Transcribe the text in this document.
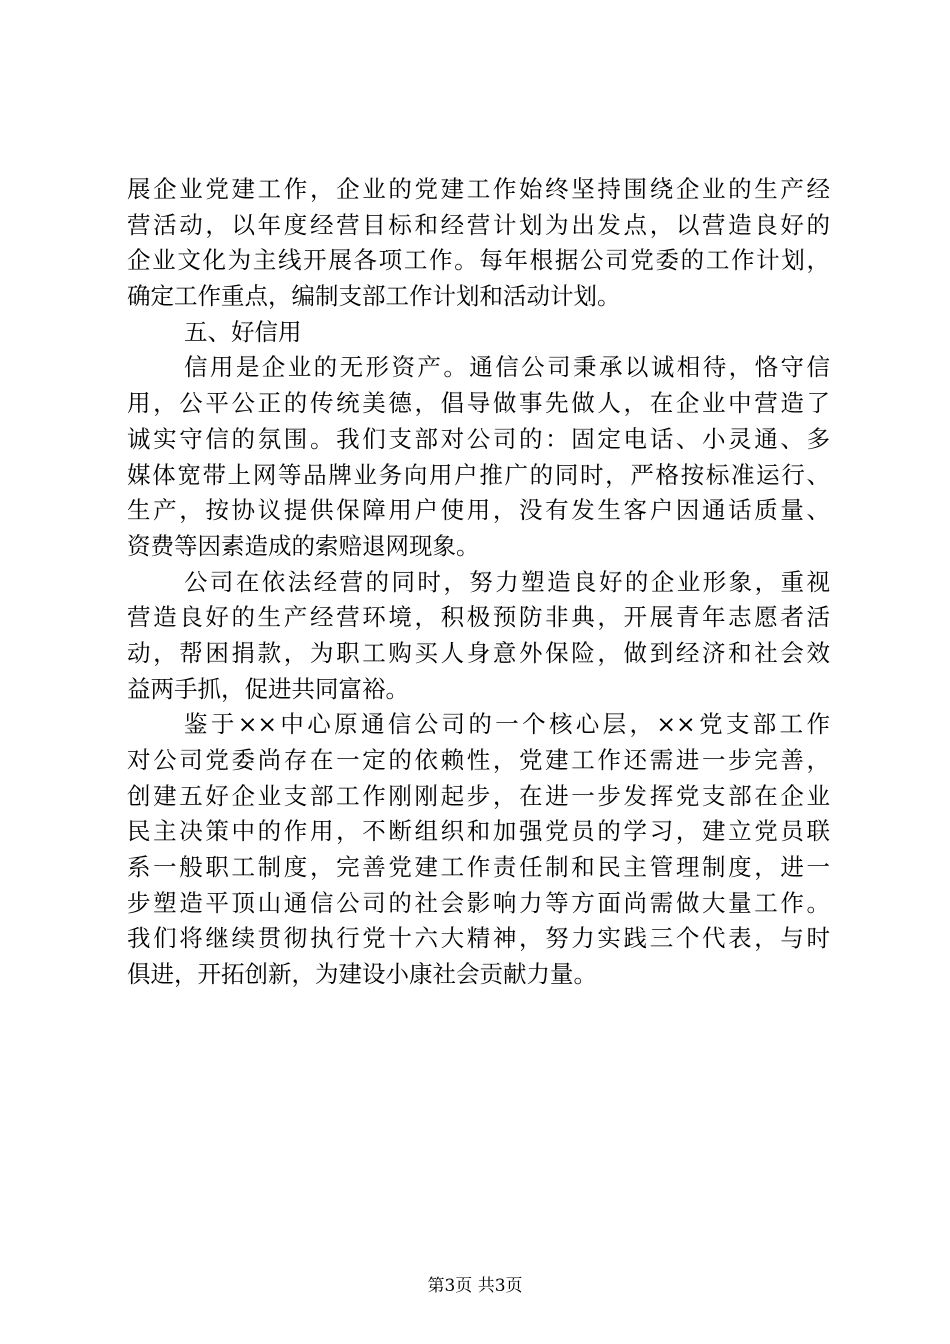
展企业党建工作，企业的党建工作始终坚持围绕企业的生产经
营活动，以年度经营目标和经营计划为出发点，以营造良好的
企业文化为主线开展各项工作。每年根据公司党委的工作计划，
确定工作重点，编制支部工作计划和活动计划。
五、好信用
信用是企业的无形资产。通信公司秉承以诚相待，恪守信
用，公平公正的传统美德，倡导做事先做人，在企业中营造了
诚实守信的氛围。我们支部对公司的：固定电话、小灵通、多
媒体宽带上网等品牌业务向用户推广的同时，严格按标准运行、
生产，按协议提供保障用户使用，没有发生客户因通话质量、
资费等因素造成的索赔退网现象。
公司在依法经营的同时，努力塑造良好的企业形象，重视
营造良好的生产经营环境，积极预防非典，开展青年志愿者活
动，帮困捐款，为职工购买人身意外保险，做到经济和社会效
益两手抓，促进共同富裕。
鉴于××中心原通信公司的一个核心层，××党支部工作
对公司党委尚存在一定的依赖性，党建工作还需进一步完善，
创建五好企业支部工作刚刚起步，在进一步发挥党支部在企业
民主决策中的作用，不断组织和加强党员的学习，建立党员联
系一般职工制度，完善党建工作责任制和民主管理制度，进一
步塑造平顶山通信公司的社会影响力等方面尚需做大量工作。
我们将继续贯彻执行党十六大精神，努力实践三个代表，与时
俱进，开拓创新，为建设小康社会贡献力量。
第3页 共3页
